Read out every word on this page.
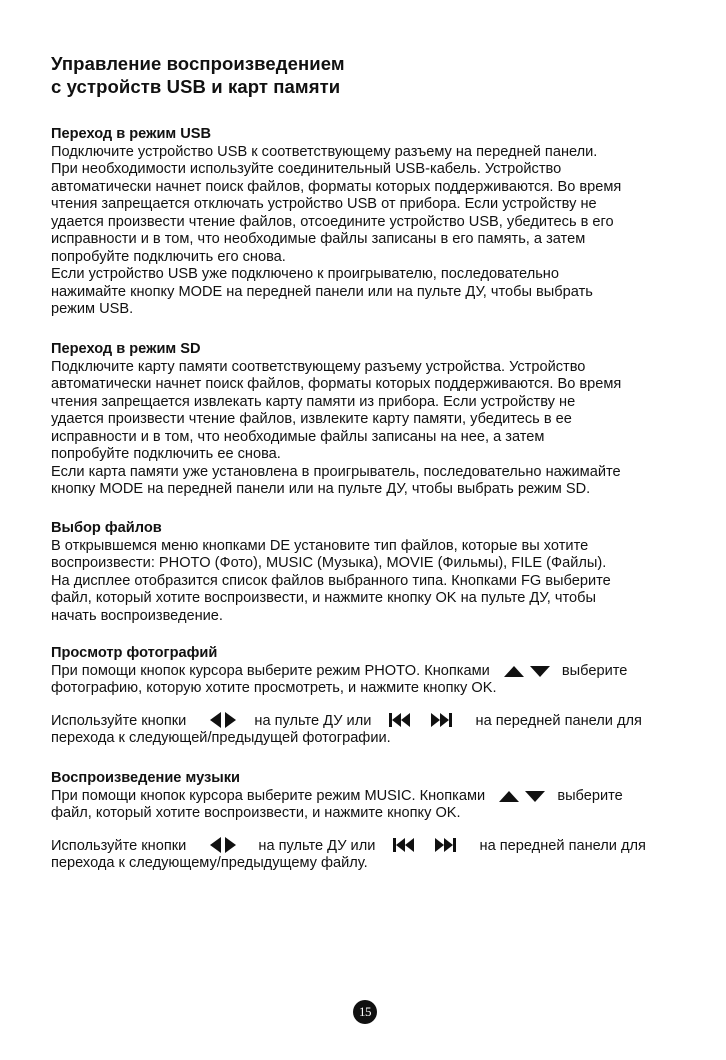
Управление воспроизведением
с устройств USB и карт памяти
Переход в режим USB
Подключите устройство USB к соответствующему разъему на передней панели.
При необходимости используйте соединительный USB-кабель. Устройство
автоматически начнет поиск файлов, форматы которых поддерживаются. Во время
чтения запрещается отключать устройство USB от прибора. Если устройству не
удается произвести чтение файлов, отсоедините устройство USB, убедитесь в его
исправности и в том, что необходимые файлы записаны в его память, а затем
попробуйте подключить его снова.
Если устройство USB уже подключено к проигрывателю, последовательно
нажимайте кнопку MODE на передней панели или на пульте ДУ, чтобы выбрать
режим USB.
Переход в режим SD
Подключите карту памяти соответствующему разъему устройства. Устройство
автоматически начнет поиск файлов, форматы которых поддерживаются. Во время
чтения запрещается извлекать карту памяти из прибора. Если устройству не
удается произвести чтение файлов, извлеките карту памяти, убедитесь в ее
исправности и в том, что необходимые файлы записаны на нее, а затем
попробуйте подключить ее снова.
Если карта памяти уже установлена в проигрыватель, последовательно нажимайте
кнопку MODE на передней панели или на пульте ДУ, чтобы выбрать режим SD.
Выбор файлов
В открывшемся меню кнопками DE установите тип файлов, которые вы хотите
воспроизвести: PHOTO (Фото), MUSIC (Музыка), MOVIE (Фильмы), FILE (Файлы).
На дисплее отобразится список файлов выбранного типа. Кнопками FG выберите
файл, который хотите воспроизвести, и нажмите кнопку OK на пульте ДУ, чтобы
начать воспроизведение.
Просмотр фотографий
При помощи кнопок курсора выберите режим PHOTO. Кнопками	выберите
фотографию, которую хотите просмотреть, и нажмите кнопку OK.
Используйте кнопки	на пульте ДУ или	на передней панели для
перехода к следующей/предыдущей фотографии.
Воспроизведение музыки
При помощи кнопок курсора выберите режим MUSIC. Кнопками	выберите
файл, который хотите воспроизвести, и нажмите кнопку OK.
Используйте кнопки	на пульте ДУ или	на передней панели для
перехода к следующему/предыдущему файлу.
15
